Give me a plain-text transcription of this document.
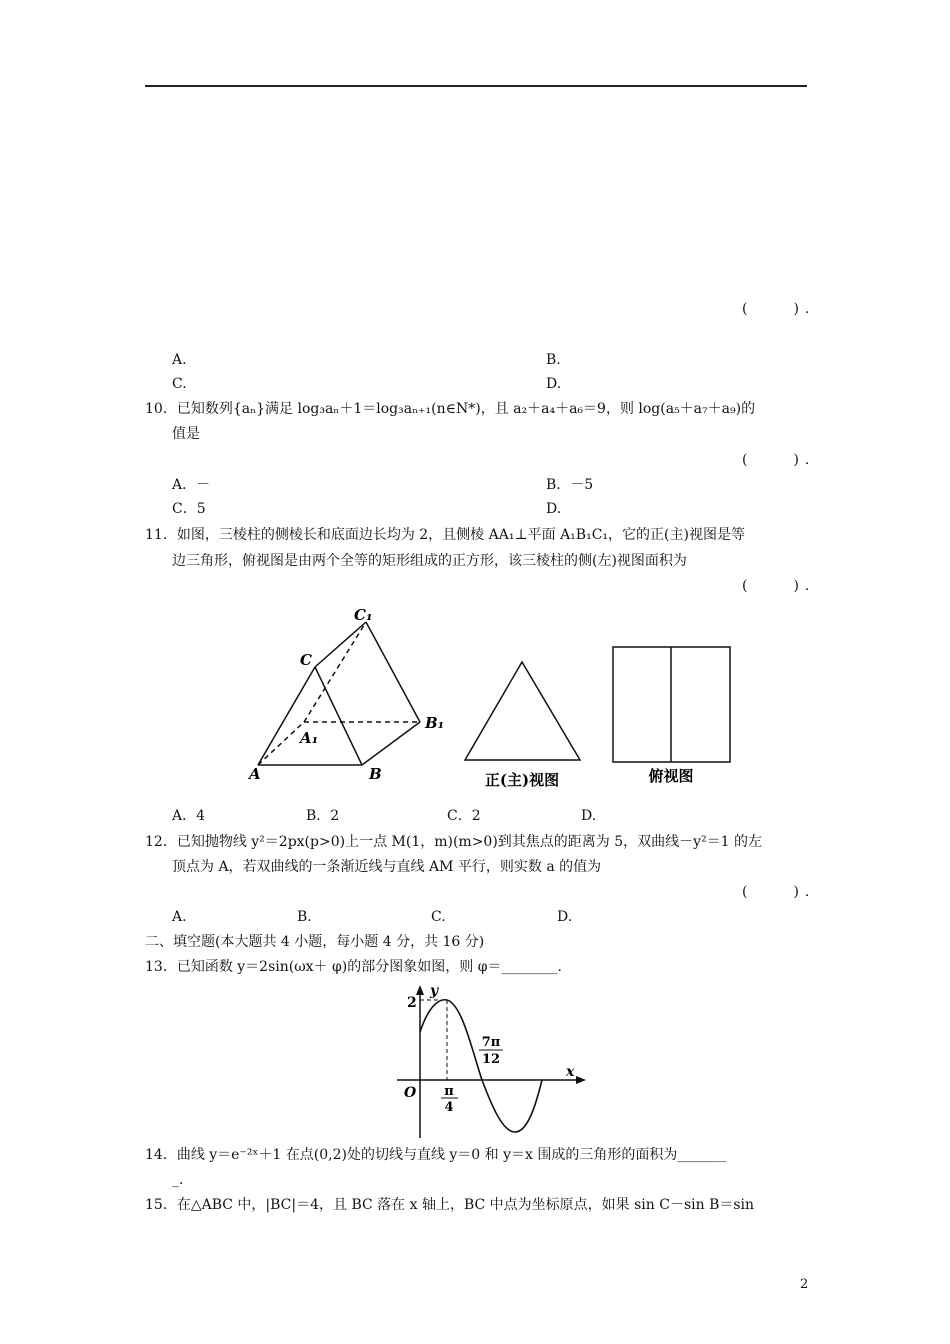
(　　).
A.	B.
C.	D.
10．已知数列{aₙ}满足 log₃aₙ＋1＝log₃aₙ₊₁(n∈N*)，且 a₂＋a₄＋a₆＝9，则 log(a₅＋a₇＋a₉)的
值是
(　　).
A．－	B．－5
C．5	D.
11．如图，三棱柱的侧棱长和底面边长均为 2，且侧棱 AA₁⊥平面 A₁B₁C₁，它的正(主)视图是等
边三角形，俯视图是由两个全等的矩形组成的正方形，该三棱柱的侧(左)视图面积为
(　　).
C₁
C
B₁
A₁
A	B	正(主)视图	俯视图
A．4	B．2	C．2	D.
12．已知抛物线 y²＝2px(p>0)上一点 M(1，m)(m>0)到其焦点的距离为 5，双曲线－y²＝1 的左
顶点为 A，若双曲线的一条渐近线与直线 AM 平行，则实数 a 的值为
(　　).
A.	B.	C.	D.
二、填空题(本大题共 4 小题，每小题 4 分，共 16 分)
13．已知函数 y＝2sin(ωx＋ φ)的部分图象如图，则 φ＝________.
y
x
O
2
π
4
7π
12
14．曲线 y＝e⁻²ˣ＋1 在点(0,2)处的切线与直线 y＝0 和 y＝x 围成的三角形的面积为_______
_.
15．在△ABC 中，|BC|＝4，且 BC 落在 x 轴上，BC 中点为坐标原点，如果 sin C－sin B＝sin
2
